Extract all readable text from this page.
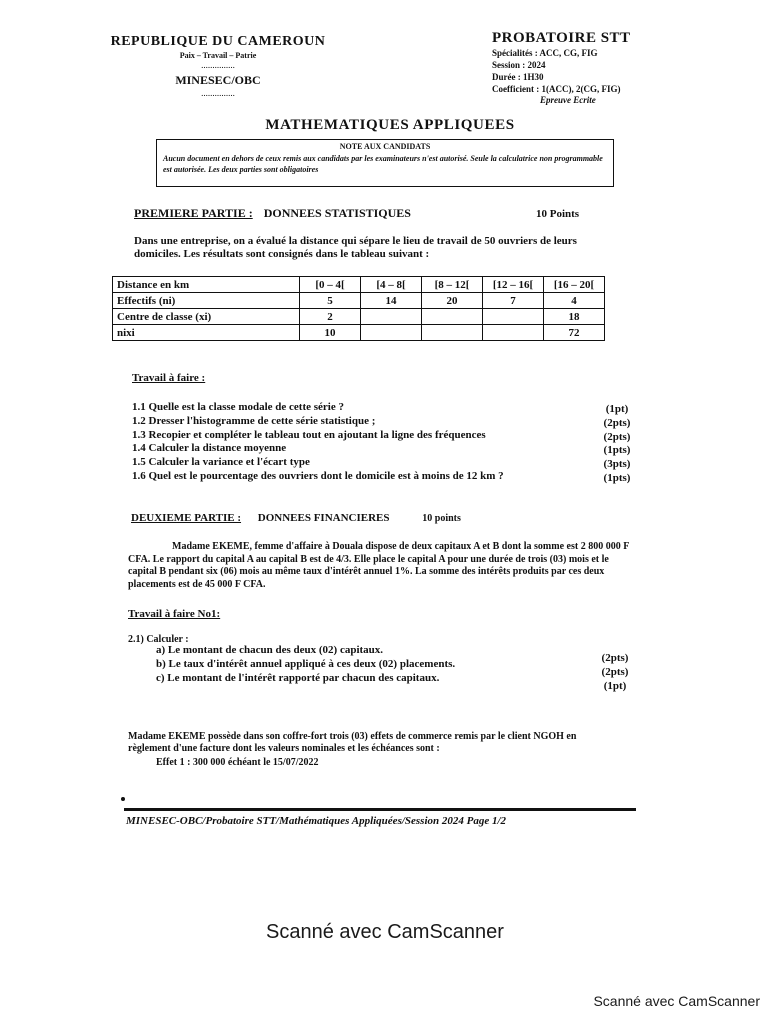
REPUBLIQUE DU CAMEROUN
Paix – Travail – Patrie
...............
MINESEC/OBC
...............
PROBATOIRE STT
Spécialités : ACC, CG, FIG
Session : 2024
Durée : 1H30
Coefficient : 1(ACC), 2(CG, FIG)
Epreuve Ecrite
MATHEMATIQUES APPLIQUEES
NOTE AUX CANDIDATS
Aucun document en dehors de ceux remis aux candidats par les examinateurs n'est autorisé. Seule la calculatrice non programmable est autorisée. Les deux parties sont obligatoires
PREMIERE PARTIE : DONNEES STATISTIQUES	10 Points
Dans une entreprise, on a évalué la distance qui sépare le lieu de travail de 50 ouvriers de leurs domiciles. Les résultats sont consignés dans le tableau suivant :
Distance en km	[0 – 4[	[4 – 8[	[8 – 12[	[12 – 16[	[16 – 20[
Effectifs (ni)	5	14	20	7	4
Centre de classe (xi)	2				18
nixi	10				72
Travail à faire :
1.1 Quelle est la classe modale de cette série ?
1.2 Dresser l'histogramme de cette série statistique ;
1.3 Recopier et compléter le tableau tout en ajoutant la ligne des fréquences
1.4 Calculer la distance moyenne
1.5 Calculer la variance et l'écart type
1.6 Quel est le pourcentage des ouvriers dont le domicile est à moins de 12 km ?
(1pt)
(2pts)
(2pts)
(1pts)
(3pts)
(1pts)
DEUXIEME PARTIE : DONNEES FINANCIERES	10 points
Madame EKEME, femme d'affaire à Douala dispose de deux capitaux A et B dont la somme est 2 800 000 F CFA. Le rapport du capital A au capital B est de 4/3. Elle place le capital A pour une durée de trois (03) mois et le capital B pendant six (06) mois au même taux d'intérêt annuel 1%. La somme des intérêts produits par ces deux placements est de 45 000 F CFA.
Travail à faire No1:
2.1) Calculer :
a) Le montant de chacun des deux (02) capitaux.
b) Le taux d'intérêt annuel appliqué à ces deux (02) placements.
c) Le montant de l'intérêt rapporté par chacun des capitaux.
(2pts)
(2pts)
(1pt)
Madame EKEME possède dans son coffre-fort trois (03) effets de commerce remis par le client NGOH en règlement d'une facture dont les valeurs nominales et les échéances sont :
Effet 1 : 300 000 échéant le 15/07/2022
MINESEC-OBC/Probatoire STT/Mathématiques Appliquées/Session 2024 Page 1/2
Scanné avec CamScanner
Scanné avec CamScanner
